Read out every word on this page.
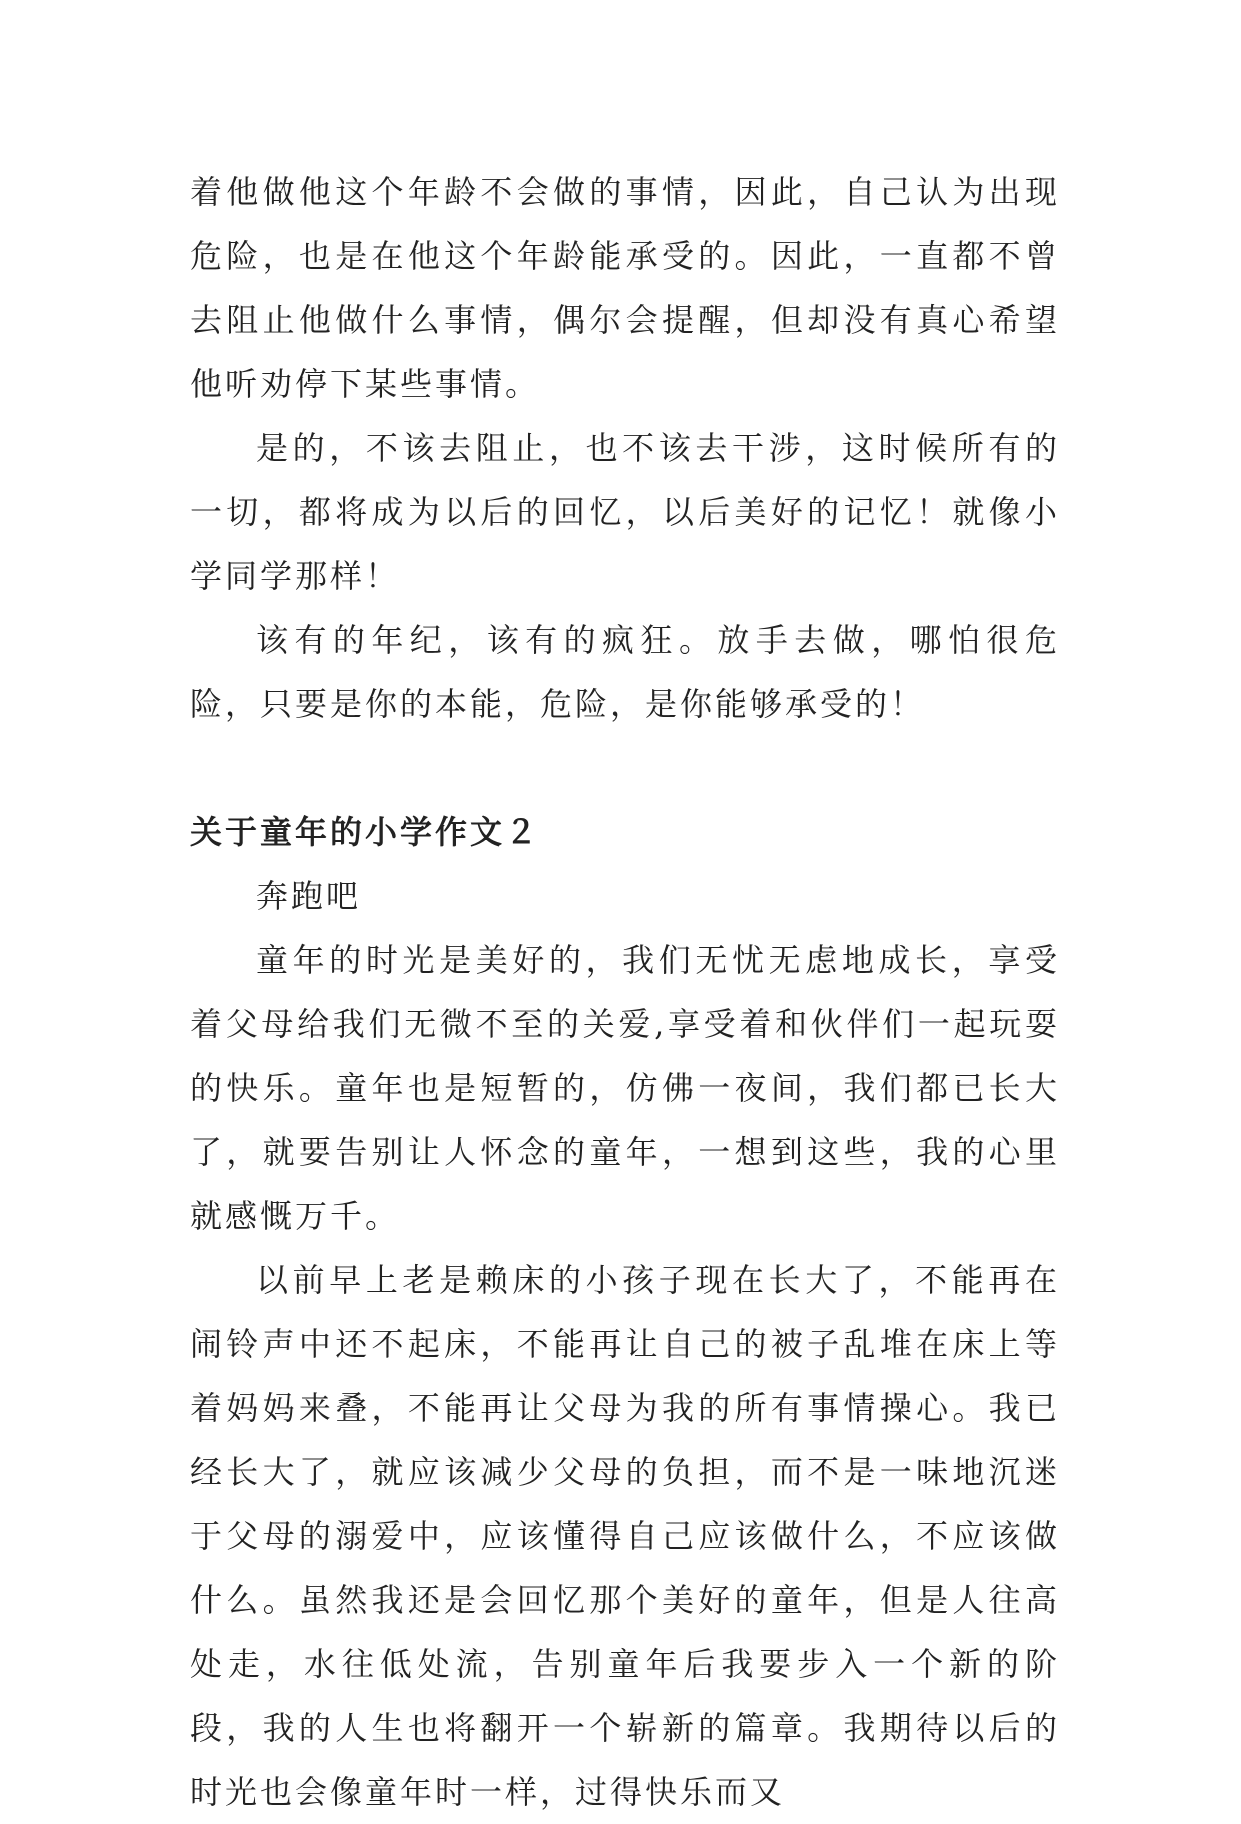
着他做他这个年龄不会做的事情，因此，自己认为出现危险，也是在他这个年龄能承受的。因此，一直都不曾去阻止他做什么事情，偶尔会提醒，但却没有真心希望他听劝停下某些事情。

是的，不该去阻止，也不该去干涉，这时候所有的一切，都将成为以后的回忆，以后美好的记忆！就像小学同学那样！

该有的年纪，该有的疯狂。放手去做，哪怕很危险，只要是你的本能，危险，是你能够承受的！

关于童年的小学作文２

奔跑吧

童年的时光是美好的，我们无忧无虑地成长，享受着父母给我们无微不至的关爱,享受着和伙伴们一起玩耍的快乐。童年也是短暂的，仿佛一夜间，我们都已长大了，就要告别让人怀念的童年，一想到这些，我的心里就感慨万千。

以前早上老是赖床的小孩子现在长大了，不能再在闹铃声中还不起床，不能再让自己的被子乱堆在床上等着妈妈来叠，不能再让父母为我的所有事情操心。我已经长大了，就应该减少父母的负担，而不是一味地沉迷于父母的溺爱中，应该懂得自己应该做什么，不应该做什么。虽然我还是会回忆那个美好的童年，但是人往高处走，水往低处流，告别童年后我要步入一个新的阶段，我的人生也将翻开一个崭新的篇章。我期待以后的时光也会像童年时一样，过得快乐而又
